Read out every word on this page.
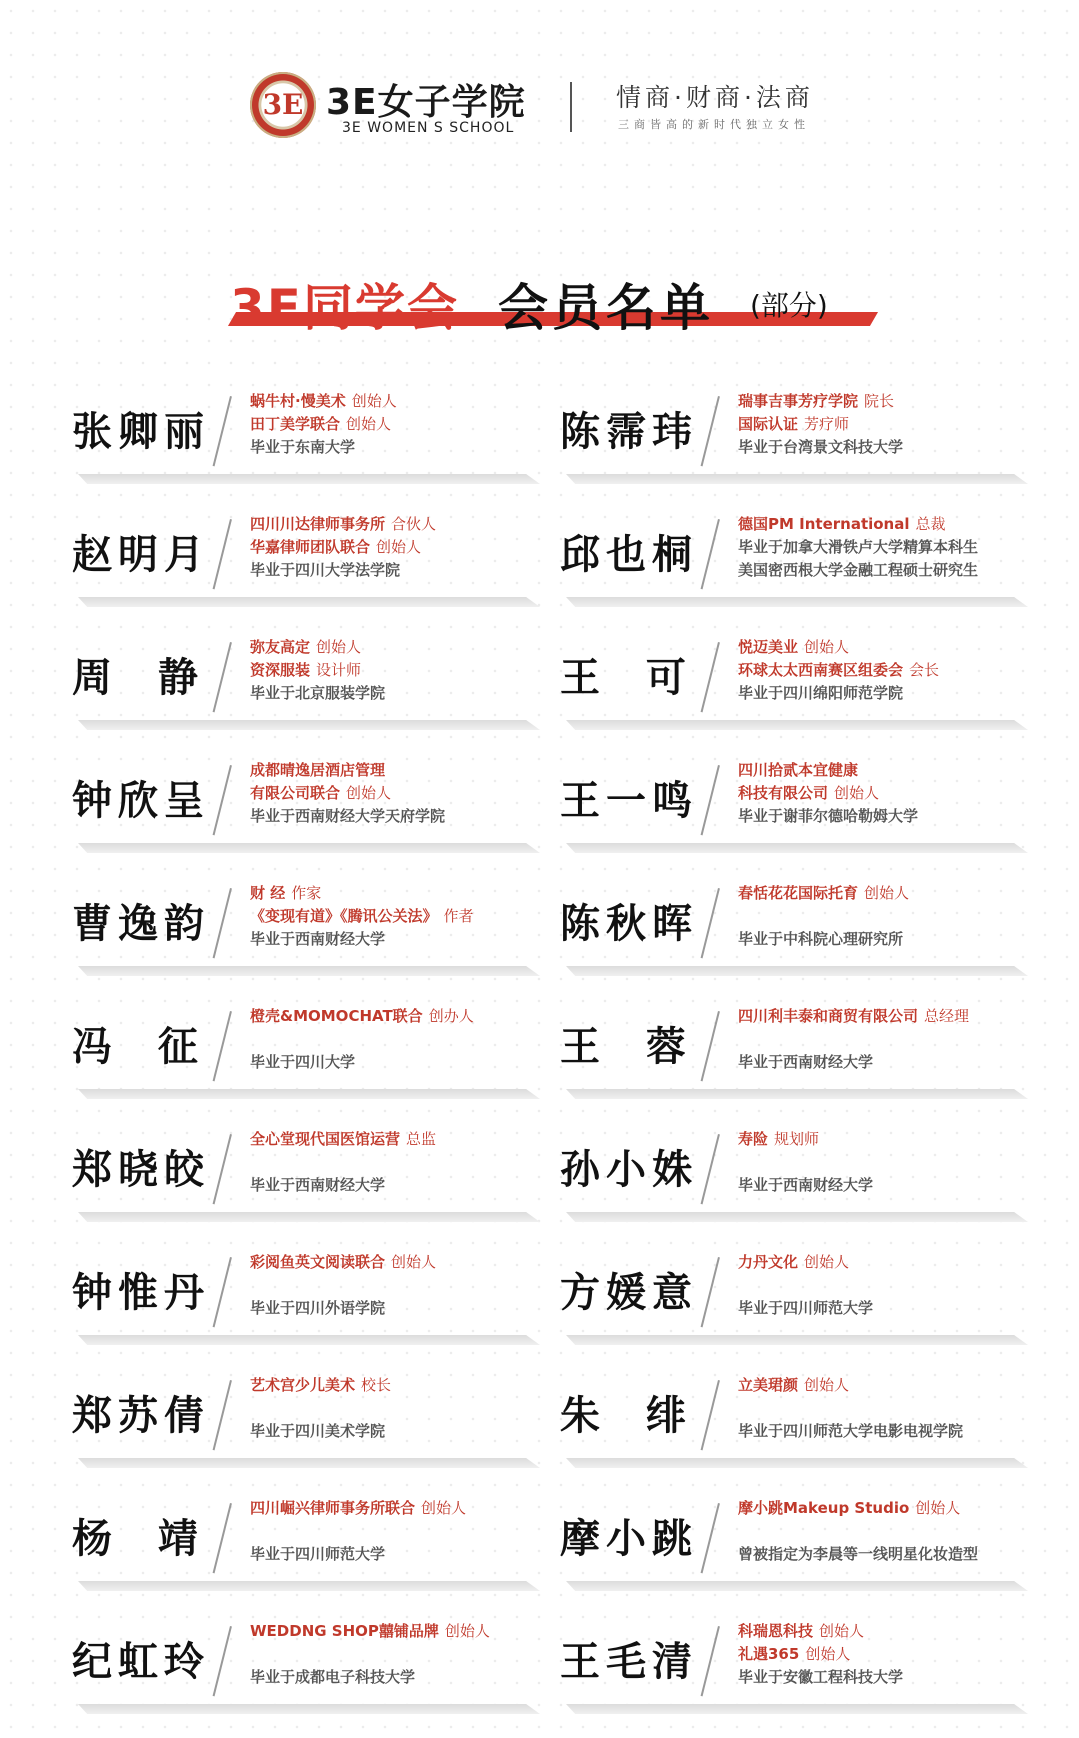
3E 3E女子学院
3E WOMEN S SCHOOL
情商·财商·法商
三商皆高的新时代独立女性
3E同学会 会员名单 (部分)
张卿丽
蜗牛村·慢美术 创始人
田丁美学联合 创始人
毕业于东南大学	陈霈玮
瑞事吉事芳疗学院 院长
国际认证 芳疗师
毕业于台湾景文科技大学
赵明月
四川川达律师事务所 合伙人
华嘉律师团队联合 创始人
毕业于四川大学法学院	邱也桐
德国PM International 总裁
毕业于加拿大滑铁卢大学精算本科生
美国密西根大学金融工程硕士研究生
周  静
弥友高定 创始人
资深服装 设计师
毕业于北京服装学院	王  可
悦迈美业 创始人
环球太太西南赛区组委会 会长
毕业于四川绵阳师范学院
钟欣呈
成都晴逸居酒店管理
有限公司联合 创始人
毕业于西南财经大学天府学院	王一鸣
四川拾贰本宜健康
科技有限公司 创始人
毕业于谢菲尔德哈勒姆大学
曹逸韵
财 经 作家
《变现有道》《腾讯公关法》 作者
毕业于西南财经大学	陈秋晖
春恬花花国际托育 创始人

毕业于中科院心理研究所
冯  征
橙壳&MOMOCHAT联合 创办人

毕业于四川大学	王  蓉
四川利丰泰和商贸有限公司 总经理

毕业于西南财经大学
郑晓皎
全心堂现代国医馆运营 总监

毕业于西南财经大学	孙小姝
寿险 规划师

毕业于西南财经大学
钟惟丹
彩阅鱼英文阅读联合 创始人

毕业于四川外语学院	方媛意
力丹文化 创始人

毕业于四川师范大学
郑苏倩
艺术宫少儿美术 校长

毕业于四川美术学院	朱  绯
立美珺颜 创始人

毕业于四川师范大学电影电视学院
杨  靖
四川崛兴律师事务所联合 创始人

毕业于四川师范大学	摩小跳
摩小跳Makeup Studio 创始人

曾被指定为李晨等一线明星化妆造型
纪虹玲
WEDDNG SHOP囍铺品牌 创始人

毕业于成都电子科技大学	王毛清
科瑞恩科技 创始人
礼遇365 创始人
毕业于安徽工程科技大学
